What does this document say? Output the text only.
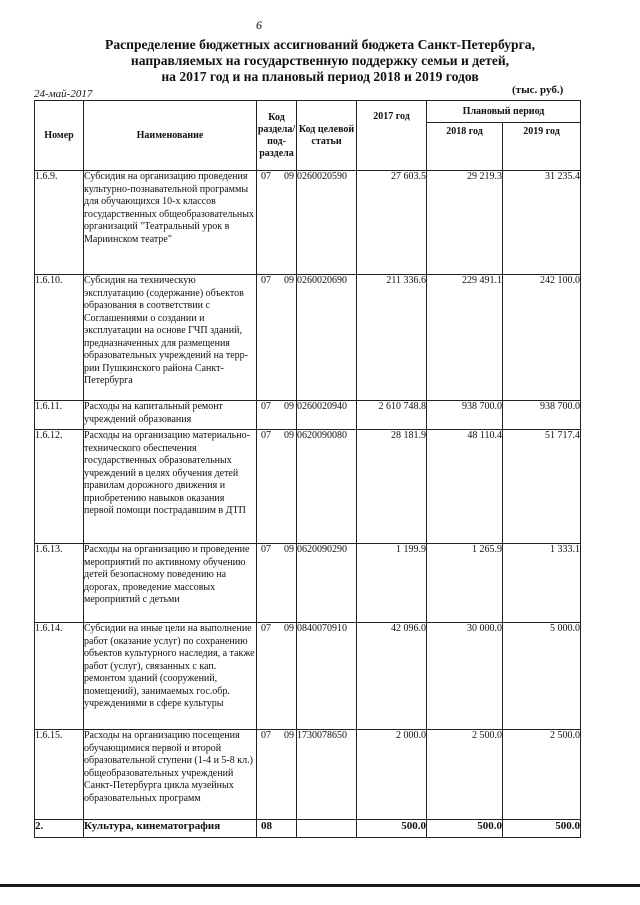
6
Распределение бюджетных ассигнований бюджета Санкт-Петербурга,
направляемых на государственную поддержку семьи и детей,
на 2017 год и на плановый период 2018 и 2019 годов
24-май-2017	(тыс. руб.)
Номер	Наименование	Код раздела/ под- раздела	Код целевой статьи	2017 год	Плановый период	
					2018 год	2019 год
1.6.9.	Субсидия на организацию проведения культурно-познавательной программы для обучающихся 10-х классов государственных общеобразовательных организаций "Театральный урок в Мариинском театре"	07 09	0260020590	27 603.5	29 219.3	31 235.4
1.6.10.	Субсидия на техническую эксплуатацию (содержание) объектов образования в соответствии с Соглашениями о создании и эксплуатации на основе ГЧП зданий, предназначенных для размещения образовательных учреждений на терр-рии Пушкинского района Санкт-Петербурга	07 09	0260020690	211 336.6	229 491.1	242 100.0
1.6.11.	Расходы на капитальный ремонт учреждений образования	07 09	0260020940	2 610 748.8	938 700.0	938 700.0
1.6.12.	Расходы на организацию материально-технического обеспечения государственных образовательных учреждений в целях обучения детей правилам дорожного движения и приобретению навыков оказания первой помощи пострадавшим в ДТП	07 09	0620090080	28 181.9	48 110.4	51 717.4
1.6.13.	Расходы на организацию и проведение мероприятий по активному обучению детей безопасному поведению на дорогах, проведение массовых мероприятий с детьми	07 09	0620090290	1 199.9	1 265.9	1 333.1
1.6.14.	Субсидии на иные цели на выполнение работ (оказание услуг) по сохранению объектов культурного наследия, а также работ (услуг), связанных с кап. ремонтом зданий (сооружений, помещений), занимаемых гос.обр. учреждениями в сфере культуры	07 09	0840070910	42 096.0	30 000.0	5 000.0
1.6.15.	Расходы на организацию посещения обучающимися первой и второй образовательной ступени (1-4 и 5-8 кл.) общеобразовательных учреждений Санкт-Петербурга цикла музейных образовательных программ	07 09	1730078650	2 000.0	2 500.0	2 500.0
2.	Культура, кинематография	08		500.0	500.0	500.0
